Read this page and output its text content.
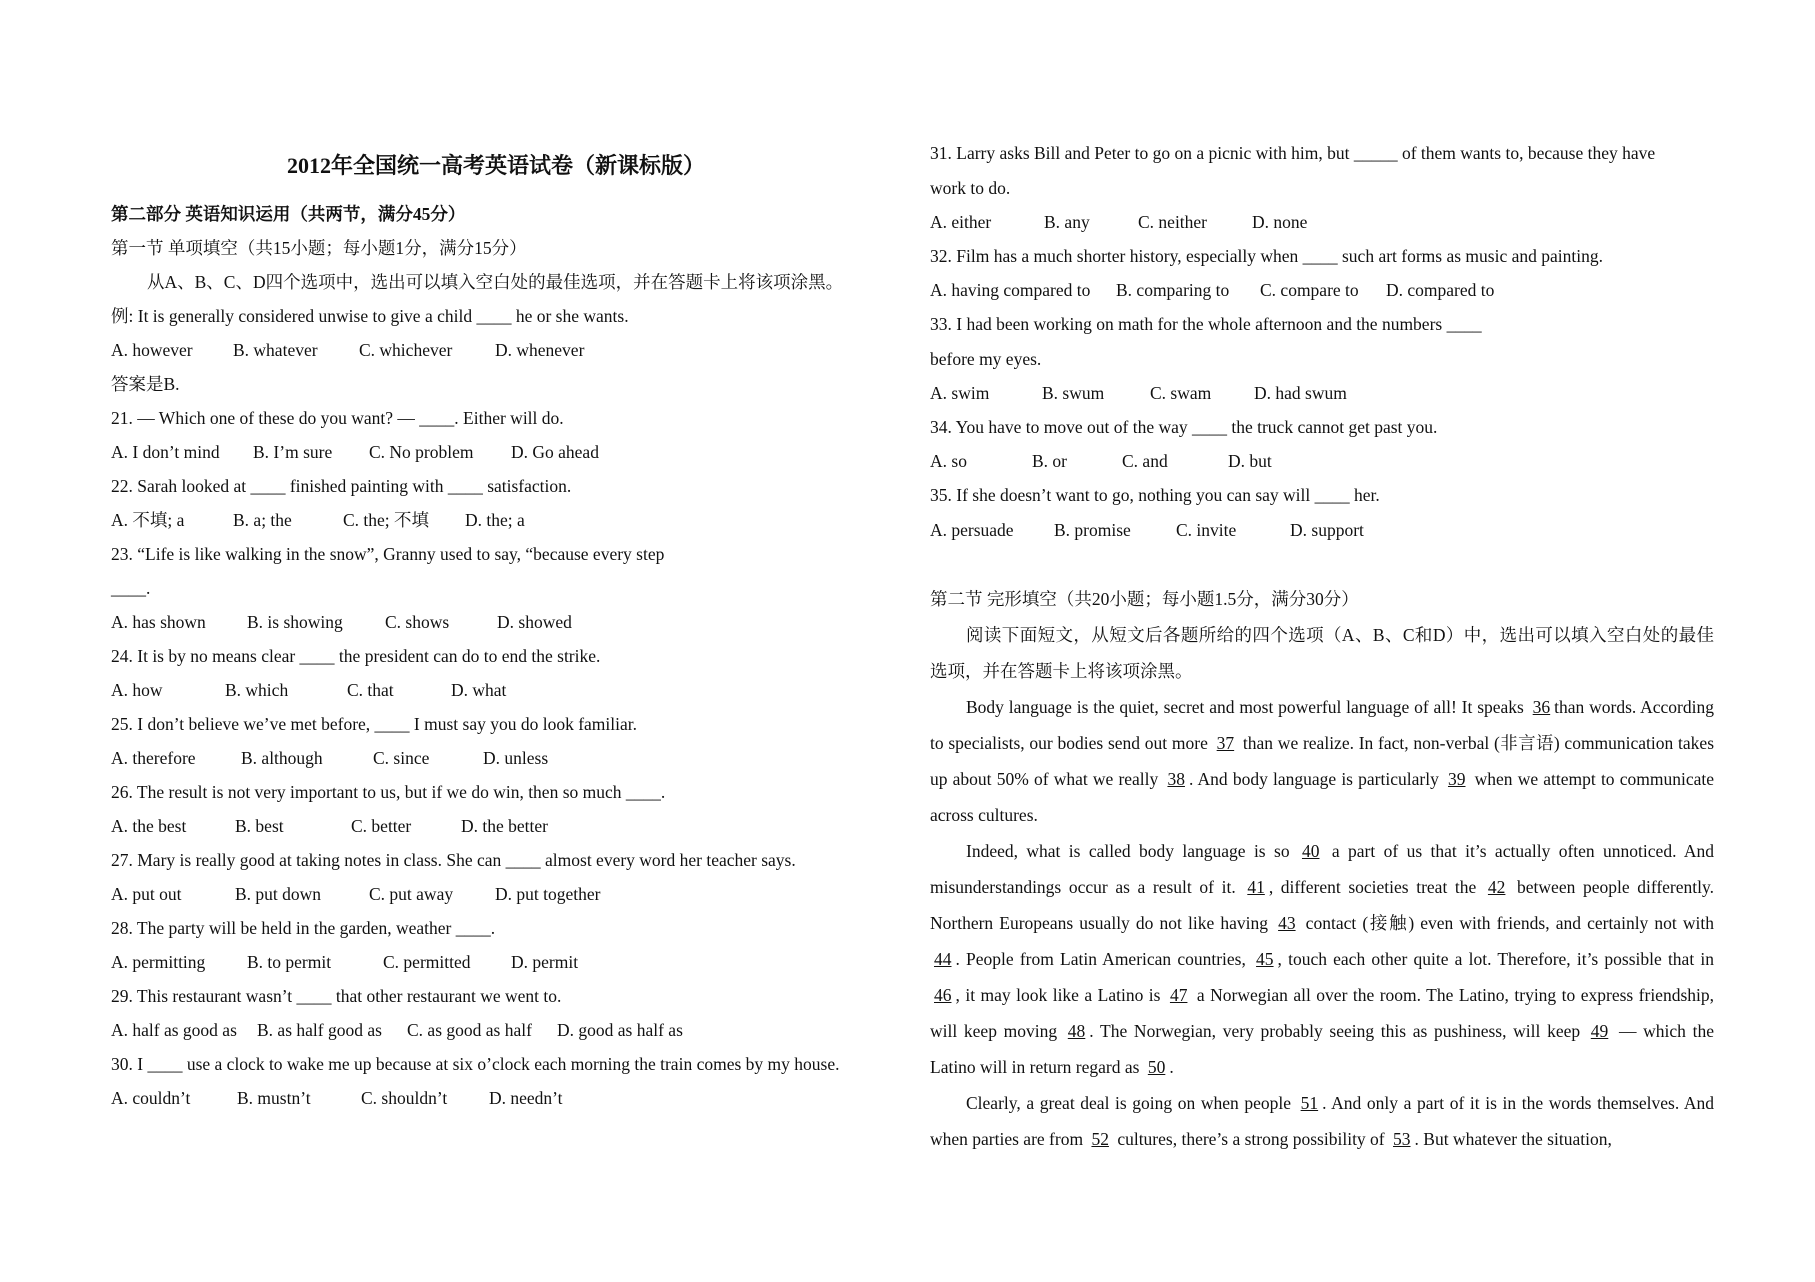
2012年全国统一高考英语试卷（新课标版）
第二部分 英语知识运用（共两节，满分45分）
第一节 单项填空（共15小题；每小题1分，满分15分）
从A、B、C、D四个选项中，选出可以填入空白处的最佳选项，并在答题卡上将该项涂黑。
例: It is generally considered unwise to give a child ____ he or she wants.
A. however B. whatever C. whichever D. whenever
答案是B.
21. — Which one of these do you want? — ____. Either will do.
A. I don’t mind B. I’m sure C. No problem D. Go ahead
22. Sarah looked at ____ finished painting with ____ satisfaction.
A. 不填; a	B. a; the	C. the; 不填 D. the; a
23. “Life is like walking in the snow”, Granny used to say, “because every step
____.
A. has shown B. is showing C. shows	D. showed
24. It is by no means clear ____ the president can do to end the strike.
A. how	B. which	C. that	D. what
25. I don’t believe we’ve met before, ____ I must say you do look familiar.
A. therefore	B. although	C. since	D. unless
26. The result is not very important to us, but if we do win, then so much ____.
A. the best	B. best	C. better	D. the better
27. Mary is really good at taking notes in class. She can ____ almost every word her teacher says.
A. put out	B. put down	C. put away D. put together
28. The party will be held in the garden, weather ____.
A. permitting B. to permit	C. permitted D. permit
29. This restaurant wasn’t ____ that other restaurant we went to.
A. half as good as B. as half good as C. as good as half D. good as half as
30. I ____ use a clock to wake me up because at six o’clock each morning the train comes by my house.
A. couldn’t	B. mustn’t	C. shouldn’t D. needn’t
31. Larry asks Bill and Peter to go on a picnic with him, but _____ of them wants to, because they have
work to do.
A. either	B. any	C. neither	D. none
32. Film has a much shorter history, especially when ____ such art forms as music and painting.
A. having compared to B. comparing to C. compare to D. compared to
33. I had been working on math for the whole afternoon and the numbers ____
before my eyes.
A. swim	B. swum	C. swam D. had swum
34. You have to move out of the way ____ the truck cannot get past you.
A. so	B. or	C. and	D. but
35. If she doesn’t want to go, nothing you can say will ____ her.
A. persuade B. promise	C. invite	D. support
第二节 完形填空（共20小题；每小题1.5分，满分30分）

阅读下面短文，从短文后各题所给的四个选项（A、B、C和D）中，选出可以填入空白处的最佳选项，并在答题卡上将该项涂黑。

Body language is the quiet, secret and most powerful language of all! It speaks 36 than words. According to specialists, our bodies send out more 37 than we realize. In fact, non-verbal (非言语) communication takes up about 50% of what we really 38 . And body language is particularly 39 when we attempt to communicate across cultures.

Indeed, what is called body language is so 40 a part of us that it’s actually often unnoticed. And misunderstandings occur as a result of it. 41 , different societies treat the 42 between people differently. Northern Europeans usually do not like having 43 contact (接触) even with friends, and certainly not with 44 . People from Latin American countries, 45 , touch each other quite a lot. Therefore, it’s possible that in 46 , it may look like a Latino is 47 a Norwegian all over the room. The Latino, trying to express friendship, will keep moving 48 . The Norwegian, very probably seeing this as pushiness, will keep 49 — which the Latino will in return regard as 50 .

Clearly, a great deal is going on when people 51 . And only a part of it is in the words themselves. And when parties are from 52 cultures, there’s a strong possibility of 53 . But whatever the situation,
